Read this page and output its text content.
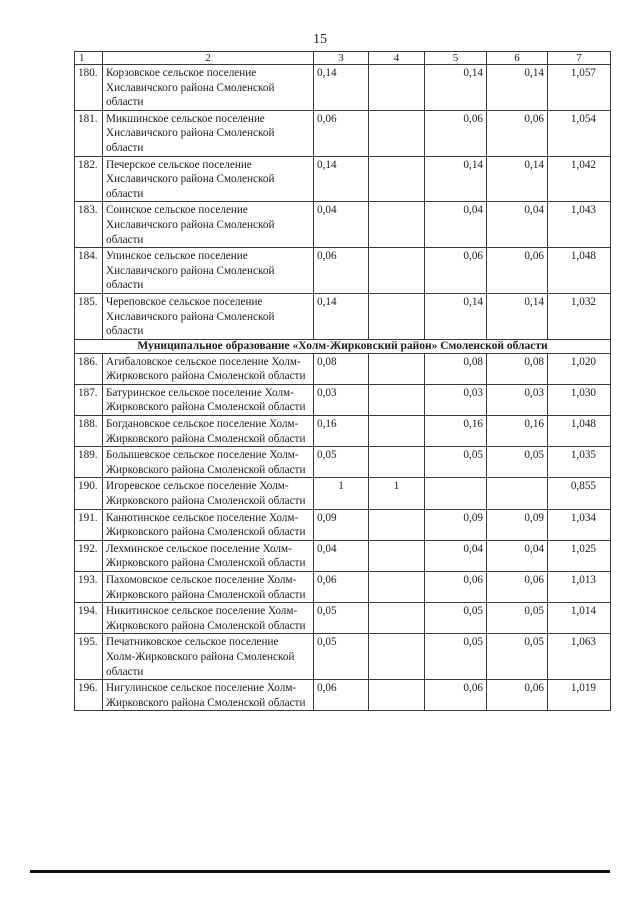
15
1	2	3	4	5	6	7
180.	Корзовское сельское поселение Хиславичского района Смоленской области	0,14		0,14	0,14	1,057
181.	Микшинское сельское поселение Хиславичского района Смоленской области	0,06		0,06	0,06	1,054
182.	Печерское сельское поселение Хиславичского района Смоленской области	0,14		0,14	0,14	1,042
183.	Соинское сельское поселение Хиславичского района Смоленской области	0,04		0,04	0,04	1,043
184.	Упинское сельское поселение Хиславичского района Смоленской области	0,06		0,06	0,06	1,048
185.	Череповское сельское поселение Хиславичского района Смоленской области	0,14		0,14	0,14	1,032
Муниципальное образование «Холм-Жирковский район» Смоленской области						
186.	Агибаловское сельское поселение Холм-Жирковского района Смоленской области	0,08		0,08	0,08	1,020
187.	Батуринское сельское поселение Холм-Жирковского района Смоленской области	0,03		0,03	0,03	1,030
188.	Богдановское сельское поселение Холм-Жирковского района Смоленской области	0,16		0,16	0,16	1,048
189.	Болышевское сельское поселение Холм-Жирковского района Смоленской области	0,05		0,05	0,05	1,035
190.	Игоревское сельское поселение Холм-Жирковского района Смоленской области	1	1			0,855
191.	Канютинское сельское поселение Холм-Жирковского района Смоленской области	0,09		0,09	0,09	1,034
192.	Лехминское сельское поселение Холм-Жирковского района Смоленской области	0,04		0,04	0,04	1,025
193.	Пахомовское сельское поселение Холм-Жирковского района Смоленской области	0,06		0,06	0,06	1,013
194.	Никитинское сельское поселение Холм-Жирковского района Смоленской области	0,05		0,05	0,05	1,014
195.	Печатниковское сельское поселение Холм-Жирковского района Смоленской области	0,05		0,05	0,05	1,063
196.	Нигулинское сельское поселение Холм-Жирковского района Смоленской области	0,06		0,06	0,06	1,019
